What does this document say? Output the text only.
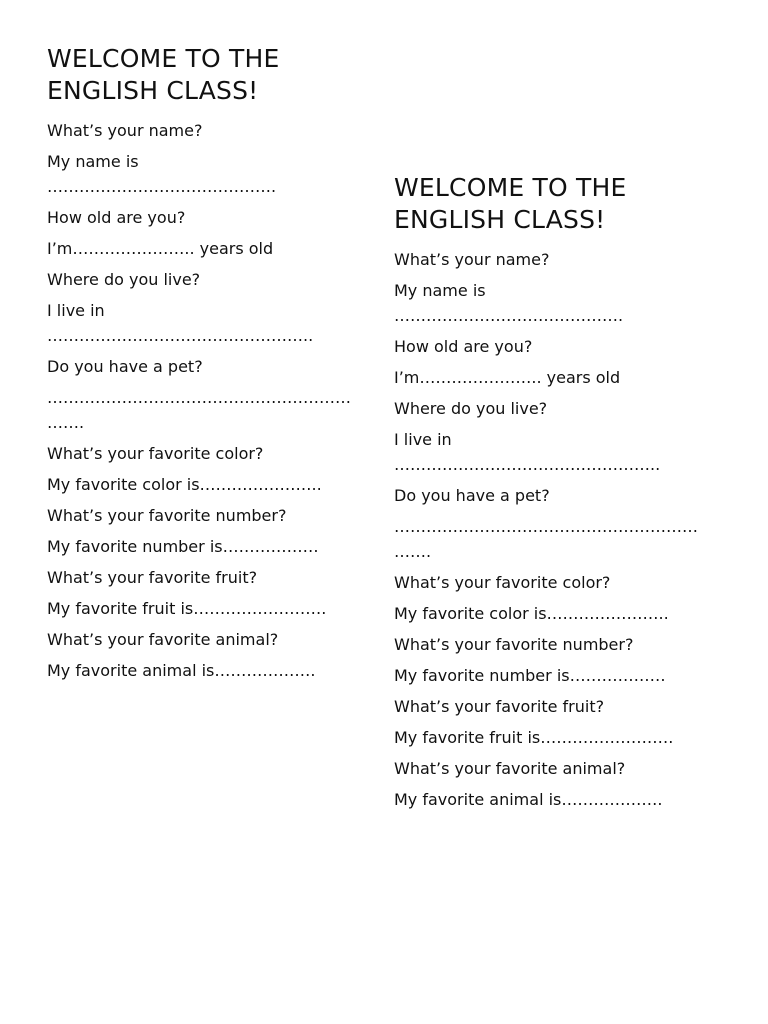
WELCOME TO THE ENGLISH CLASS!
What’s your name?
My name is
…………………………………….
How old are you?
I’m………………….. years old
Where do you live?
I live in
…………………………………………..
Do you have a pet?
…………………………………………………
…….
What’s your favorite color?
My favorite color is…………………..
What’s your favorite number?
My favorite number is………………
What’s your favorite fruit?
My favorite fruit is…………………….
What’s your favorite animal?
My favorite animal is……………….
WELCOME TO THE ENGLISH CLASS!
What’s your name?
My name is
…………………………………….
How old are you?
I’m………………….. years old
Where do you live?
I live in
…………………………………………..
Do you have a pet?
…………………………………………………
…….
What’s your favorite color?
My favorite color is…………………..
What’s your favorite number?
My favorite number is………………
What’s your favorite fruit?
My favorite fruit is…………………….
What’s your favorite animal?
My favorite animal is……………….
